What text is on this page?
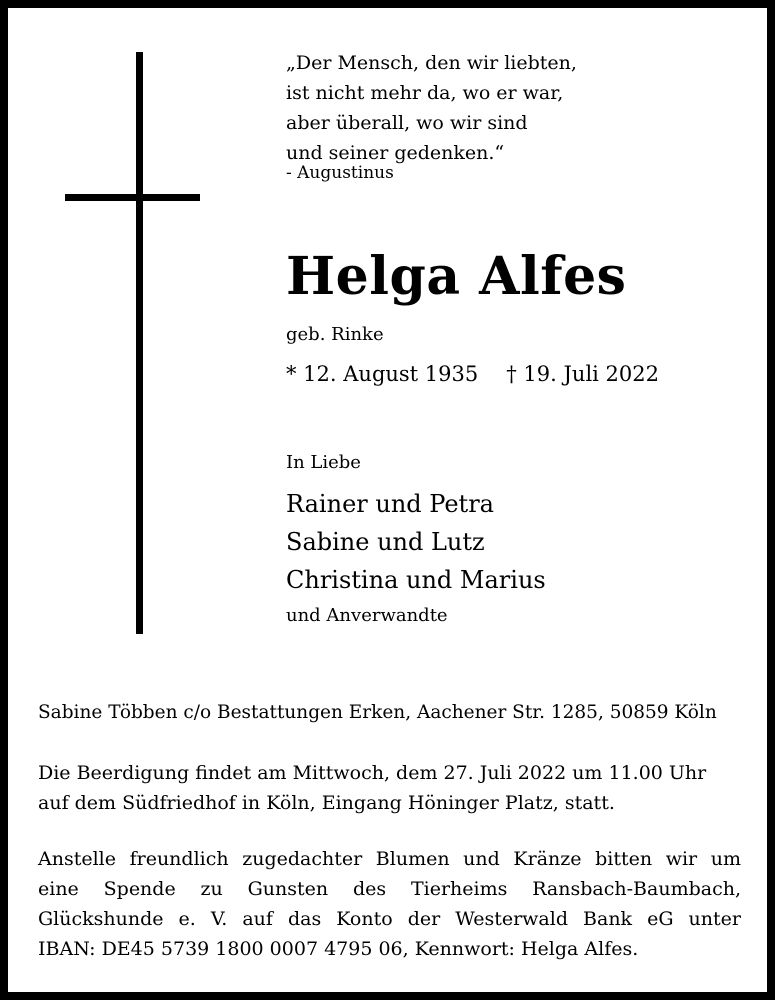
„Der Mensch, den wir liebten,
ist nicht mehr da, wo er war,
aber überall, wo wir sind
und seiner gedenken.“
- Augustinus
Helga Alfes
geb. Rinke
* 12. August 1935 † 19. Juli 2022
In Liebe
Rainer und Petra
Sabine und Lutz
Christina und Marius
und Anverwandte
Sabine Többen c/o Bestattungen Erken, Aachener Str. 1285, 50859 Köln
Die Beerdigung findet am Mittwoch, dem 27. Juli 2022 um 11.00 Uhr
auf dem Südfriedhof in Köln, Eingang Höninger Platz, statt.
Anstelle freundlich zugedachter Blumen und Kränze bitten wir um
eine Spende zu Gunsten des Tierheims Ransbach-Baumbach,
Glückshunde e. V. auf das Konto der Westerwald Bank eG unter
IBAN: DE45 5739 1800 0007 4795 06, Kennwort: Helga Alfes.
